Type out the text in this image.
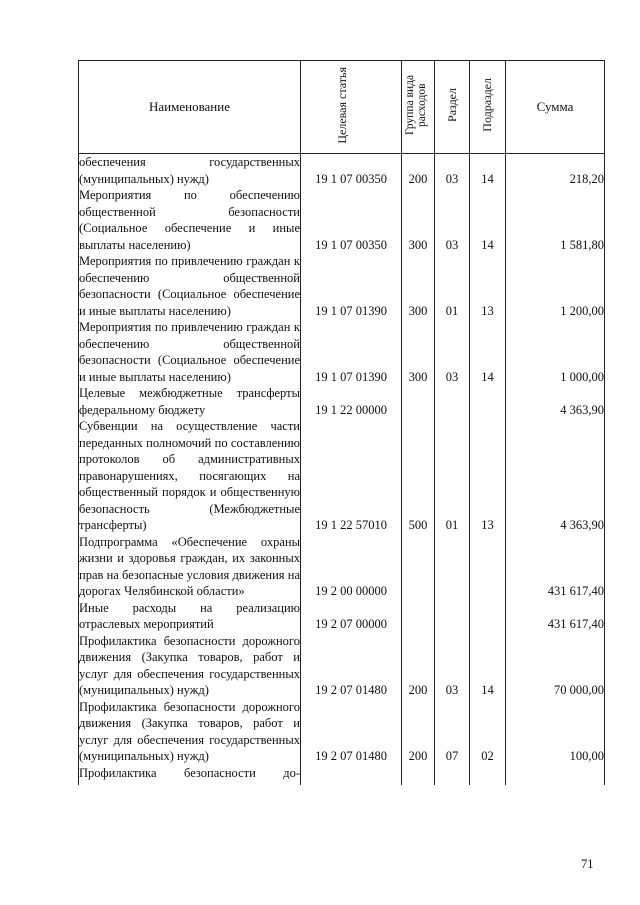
Наименование	Целевая статья	Группа вида расходов	Раздел	Подраздел	Сумма
обеспечения государственных (муниципальных) нужд)	19 1 07 00350	200	03	14	218,20
Мероприятия по обеспечению общественной безопасности (Социальное обеспечение и иные выплаты населению)	19 1 07 00350	300	03	14	1 581,80
Мероприятия по привлечению граждан к обеспечению общественной безопасности (Социальное обеспечение и иные выплаты населению)	19 1 07 01390	300	01	13	1 200,00
Мероприятия по привлечению граждан к обеспечению общественной безопасности (Социальное обеспечение и иные выплаты населению)	19 1 07 01390	300	03	14	1 000,00
Целевые межбюджетные трансферты федеральному бюджету	19 1 22 00000				4 363,90
Субвенции на осуществление части переданных полномочий по составлению протоколов об административных правонарушениях, посягающих на общественный порядок и общественную безопасность (Межбюджетные трансферты)	19 1 22 57010	500	01	13	4 363,90
Подпрограмма «Обеспечение охраны жизни и здоровья граждан, их законных прав на безопасные условия движения на дорогах Челябинской области»	19 2 00 00000				431 617,40
Иные расходы на реализацию отраслевых мероприятий	19 2 07 00000				431 617,40
Профилактика безопасности дорожного движения (Закупка товаров, работ и услуг для обеспечения государственных (муниципальных) нужд)	19 2 07 01480	200	03	14	70 000,00
Профилактика безопасности дорожного движения (Закупка товаров, работ и услуг для обеспечения государственных (муниципальных) нужд)	19 2 07 01480	200	07	02	100,00
Профилактика безопасности до-					
71
